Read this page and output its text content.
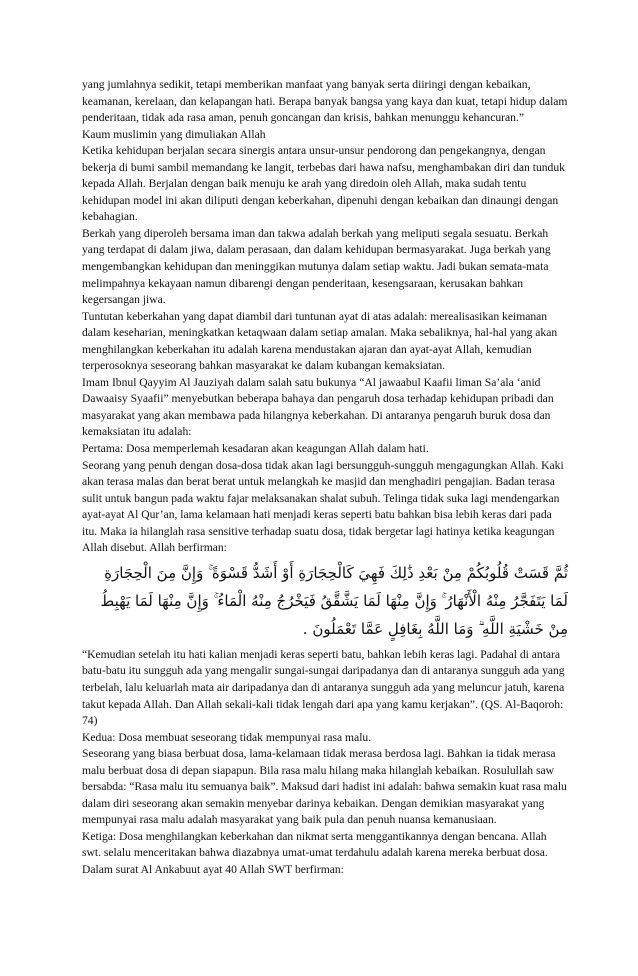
yang jumlahnya sedikit, tetapi memberikan manfaat yang banyak serta diiringi dengan kebaikan, keamanan, kerelaan, dan kelapangan hati. Berapa banyak bangsa yang kaya dan kuat, tetapi hidup dalam penderitaan, tidak ada rasa aman, penuh goncangan dan krisis, bahkan menunggu kehancuran.”

Kaum muslimin yang dimuliakan Allah

Ketika kehidupan berjalan secara sinergis antara unsur-unsur pendorong dan pengekangnya, dengan bekerja di bumi sambil memandang ke langit, terbebas dari hawa nafsu, menghambakan diri dan tunduk kepada Allah. Berjalan dengan baik menuju ke arah yang diredoin oleh Allah, maka sudah tentu kehidupan model ini akan diliputi dengan keberkahan, dipenuhi dengan kebaikan dan dinaungi dengan kebahagian.

Berkah yang diperoleh bersama iman dan takwa adalah berkah yang meliputi segala sesuatu. Berkah yang terdapat di dalam jiwa, dalam perasaan, dan dalam kehidupan bermasyarakat. Juga berkah yang mengembangkan kehidupan dan meninggikan mutunya dalam setiap waktu. Jadi bukan semata-mata melimpahnya kekayaan namun dibarengi dengan penderitaan, kesengsaraan, kerusakan bahkan kegersangan jiwa.

Tuntutan keberkahan yang dapat diambil dari tuntunan ayat di atas adalah: merealisasikan keimanan dalam keseharian, meningkatkan ketaqwaan dalam setiap amalan. Maka sebaliknya, hal-hal yang akan menghilangkan keberkahan itu adalah karena mendustakan ajaran dan ayat-ayat Allah, kemudian terperosoknya seseorang bahkan masyarakat ke dalam kubangan kemaksiatan.

Imam Ibnul Qayyim Al Jauziyah dalam salah satu bukunya “Al jawaabul Kaafii liman Sa’ala ‘anid Dawaaisy Syaafii” menyebutkan beberapa bahaya dan pengaruh dosa terhadap kehidupan pribadi dan masyarakat yang akan membawa pada hilangnya keberkahan. Di antaranya pengaruh buruk dosa dan kemaksiatan itu adalah:

Pertama: Dosa memperlemah kesadaran akan keagungan Allah dalam hati.

Seorang yang penuh dengan dosa-dosa tidak akan lagi bersungguh-sungguh mengagungkan Allah. Kaki akan terasa malas dan berat berat untuk melangkah ke masjid dan menghadiri pengajian. Badan terasa sulit untuk bangun pada waktu fajar melaksanakan shalat subuh. Telinga tidak suka lagi mendengarkan ayat-ayat Al Qur’an, lama kelamaan hati menjadi keras seperti batu bahkan bisa lebih keras dari pada itu. Maka ia hilanglah rasa sensitive terhadap suatu dosa, tidak bergetar lagi hatinya ketika keagungan Allah disebut. Allah berfirman:

ثُمَّ قَسَتْ قُلُوبُكُمْ مِنْ بَعْدِ ذَٰلِكَ فَهِيَ كَالْحِجَارَةِ أَوْ أَشَدُّ قَسْوَةً ۚ وَإِنَّ مِنَ الْحِجَارَةِ لَمَا يَتَفَجَّرُ مِنْهُ الْأَنْهَارُ ۚ وَإِنَّ مِنْهَا لَمَا يَشَّقَّقُ فَيَخْرُجُ مِنْهُ الْمَاءُ ۚ وَإِنَّ مِنْهَا لَمَا يَهْبِطُ مِنْ خَشْيَةِ اللَّهِ ۗ وَمَا اللَّهُ بِغَافِلٍ عَمَّا تَعْمَلُونَ .

“Kemudian setelah itu hati kalian menjadi keras seperti batu, bahkan lebih keras lagi. Padahal di antara batu-batu itu sungguh ada yang mengalir sungai-sungai daripadanya dan di antaranya sungguh ada yang terbelah, lalu keluarlah mata air daripadanya dan di antaranya sungguh ada yang meluncur jatuh, karena takut kepada Allah. Dan Allah sekali-kali tidak lengah dari apa yang kamu kerjakan”. (QS. Al-Baqoroh: 74)

Kedua: Dosa membuat seseorang tidak mempunyai rasa malu.

Seseorang yang biasa berbuat dosa, lama-kelamaan tidak merasa berdosa lagi. Bahkan ia tidak merasa malu berbuat dosa di depan siapapun. Bila rasa malu hilang maka hilanglah kebaikan. Rosulullah saw bersabda: “Rasa malu itu semuanya baik”. Maksud dari hadist ini adalah: bahwa semakin kuat rasa malu dalam diri seseorang akan semakin menyebar darinya kebaikan. Dengan demikian masyarakat yang mempunyai rasa malu adalah masyarakat yang baik pula dan penuh nuansa kemanusiaan.

Ketiga: Dosa menghilangkan keberkahan dan nikmat serta menggantikannya dengan bencana. Allah swt. selalu menceritakan bahwa diazabnya umat-umat terdahulu adalah karena mereka berbuat dosa. Dalam surat Al Ankabuut ayat 40 Allah SWT berfirman:
